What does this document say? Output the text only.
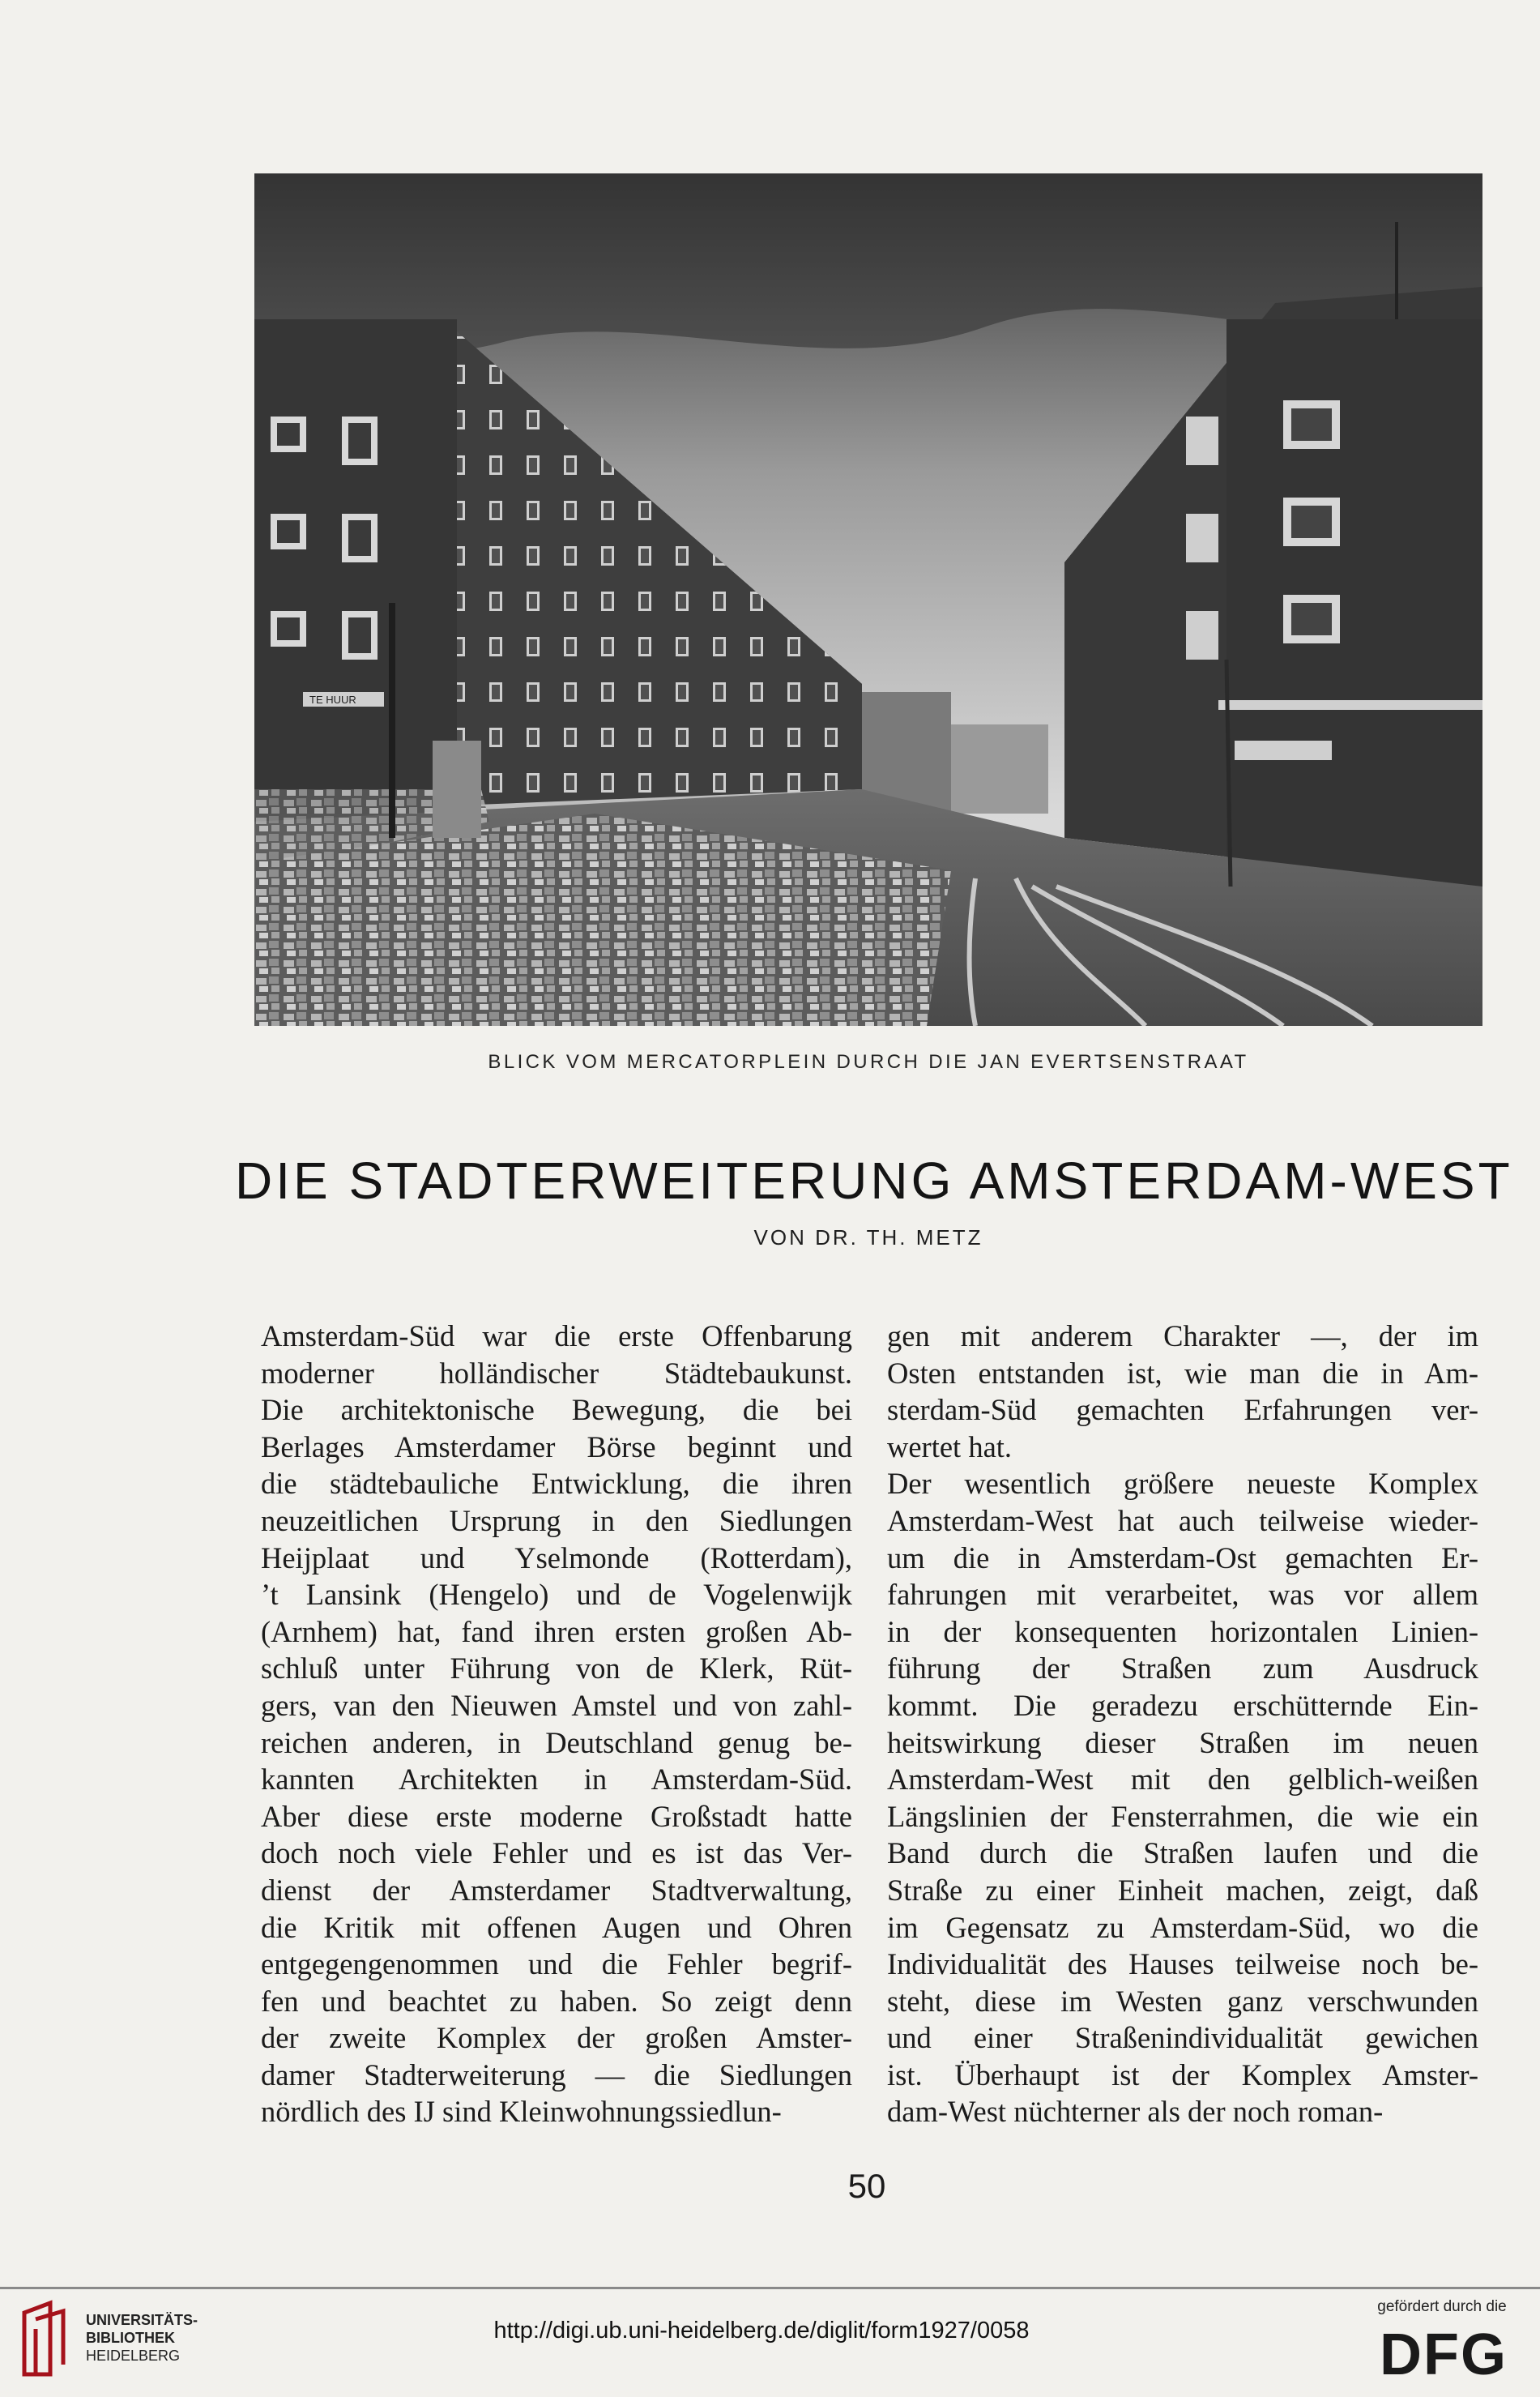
TE HUUR
BLICK VOM MERCATORPLEIN DURCH DIE JAN EVERTSENSTRAAT
DIE STADTERWEITERUNG AMSTERDAM-WEST
VON DR. TH. METZ
Amsterdam-Süd war die erste Offenbarung
moderner holländischer Städtebaukunst.
Die architektonische Bewegung, die bei
Berlages Amsterdamer Börse beginnt und
die städtebauliche Entwicklung, die ihren
neuzeitlichen Ursprung in den Siedlungen
Heijplaat und Yselmonde (Rotterdam),
’t Lansink (Hengelo) und de Vogelenwijk
(Arnhem) hat, fand ihren ersten großen Ab-
schluß unter Führung von de Klerk, Rüt-
gers, van den Nieuwen Amstel und von zahl-
reichen anderen, in Deutschland genug be-
kannten Architekten in Amsterdam-Süd.
Aber diese erste moderne Großstadt hatte
doch noch viele Fehler und es ist das Ver-
dienst der Amsterdamer Stadtverwaltung,
die Kritik mit offenen Augen und Ohren
entgegengenommen und die Fehler begrif-
fen und beachtet zu haben. So zeigt denn
der zweite Komplex der großen Amster-
damer Stadterweiterung — die Siedlungen
nördlich des IJ sind Kleinwohnungssiedlun-
gen mit anderem Charakter —, der im
Osten entstanden ist, wie man die in Am-
sterdam-Süd gemachten Erfahrungen ver-
wertet hat.
Der wesentlich größere neueste Komplex
Amsterdam-West hat auch teilweise wieder-
um die in Amsterdam-Ost gemachten Er-
fahrungen mit verarbeitet, was vor allem
in der konsequenten horizontalen Linien-
führung der Straßen zum Ausdruck
kommt. Die geradezu erschütternde Ein-
heitswirkung dieser Straßen im neuen
Amsterdam-West mit den gelblich-weißen
Längslinien der Fensterrahmen, die wie ein
Band durch die Straßen laufen und die
Straße zu einer Einheit machen, zeigt, daß
im Gegensatz zu Amsterdam-Süd, wo die
Individualität des Hauses teilweise noch be-
steht, diese im Westen ganz verschwunden
und einer Straßenindividualität gewichen
ist. Überhaupt ist der Komplex Amster-
dam-West nüchterner als der noch roman-
50
UNIVERSITÄTS-
BIBLIOTHEK
HEIDELBERG
http://digi.ub.uni-heidelberg.de/diglit/form1927/0058
gefördert durch die
DFG
